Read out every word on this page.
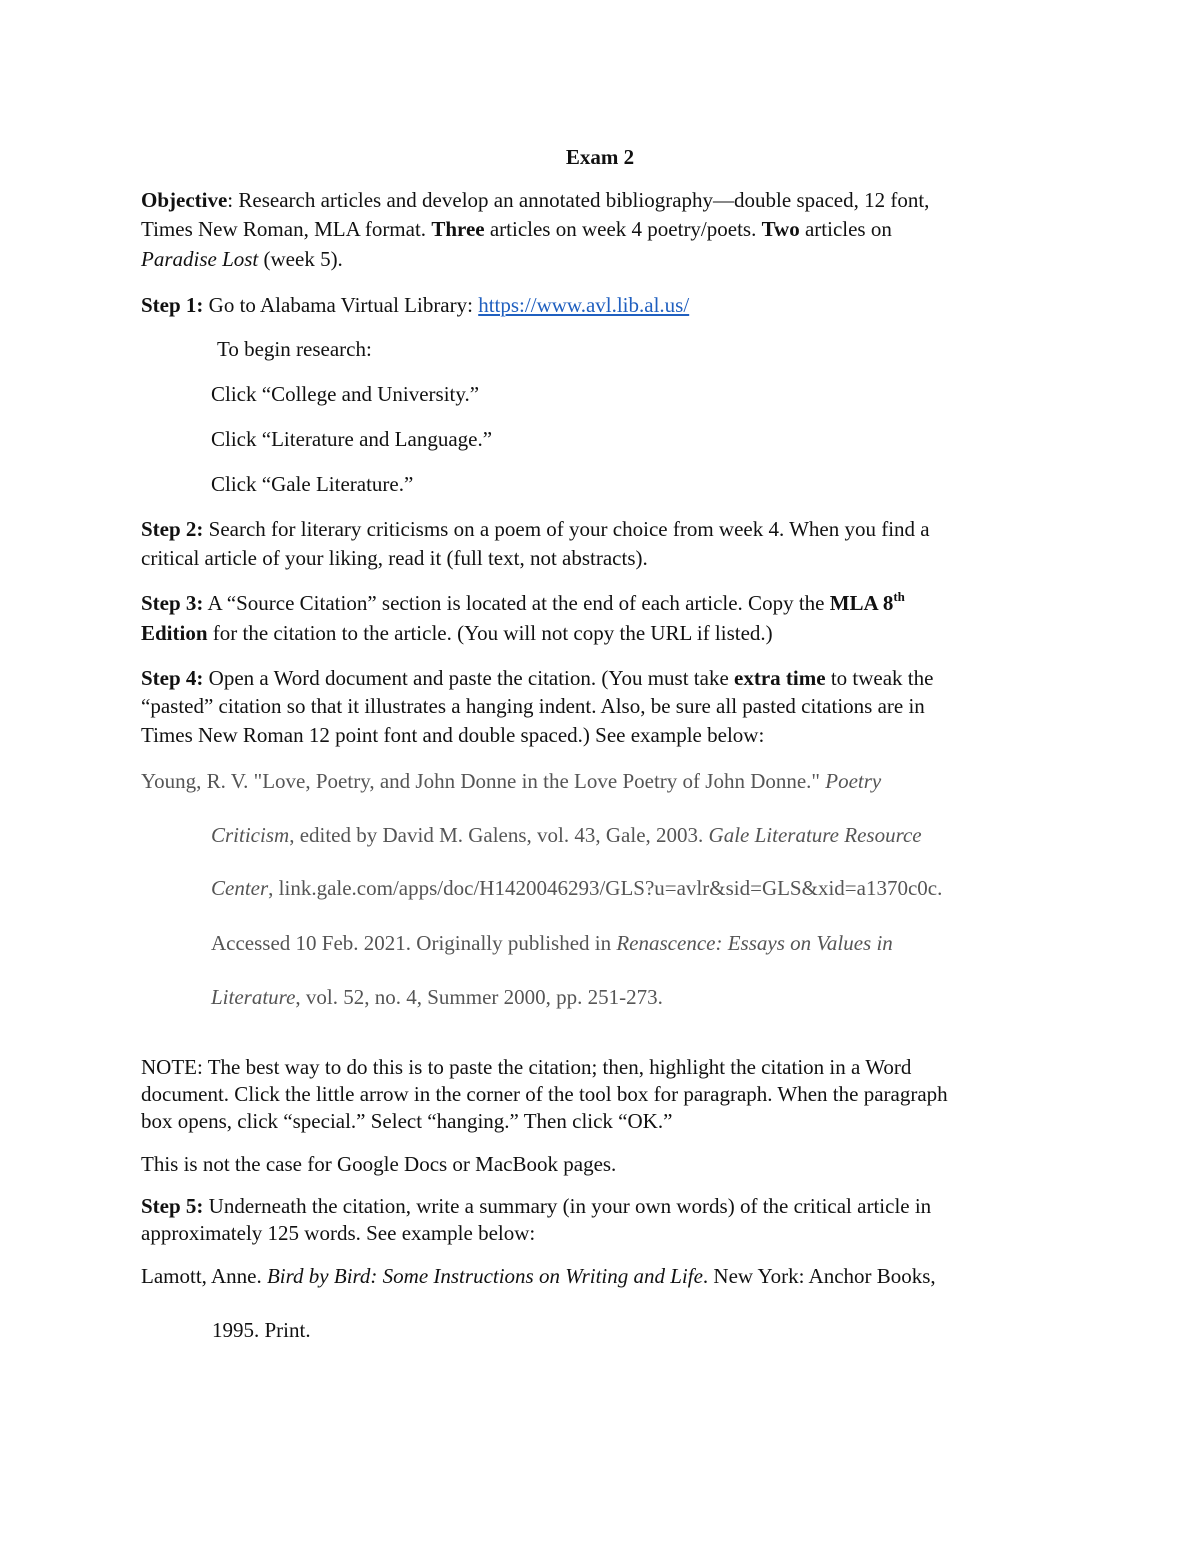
Exam 2
Objective: Research articles and develop an annotated bibliography—double spaced, 12 font,
Times New Roman, MLA format. Three articles on week 4 poetry/poets. Two articles on
Paradise Lost (week 5).
Step 1: Go to Alabama Virtual Library: https://www.avl.lib.al.us/
To begin research:
Click “College and University.”
Click “Literature and Language.”
Click “Gale Literature.”
Step 2: Search for literary criticisms on a poem of your choice from week 4. When you find a
critical article of your liking, read it (full text, not abstracts).
Step 3: A “Source Citation” section is located at the end of each article. Copy the MLA 8th
Edition for the citation to the article. (You will not copy the URL if listed.)
Step 4: Open a Word document and paste the citation. (You must take extra time to tweak the
“pasted” citation so that it illustrates a hanging indent. Also, be sure all pasted citations are in
Times New Roman 12 point font and double spaced.) See example below:
Young, R. V. "Love, Poetry, and John Donne in the Love Poetry of John Donne." Poetry
Criticism, edited by David M. Galens, vol. 43, Gale, 2003. Gale Literature Resource
Center, link.gale.com/apps/doc/H1420046293/GLS?u=avlr&sid=GLS&xid=a1370c0c.
Accessed 10 Feb. 2021. Originally published in Renascence: Essays on Values in
Literature, vol. 52, no. 4, Summer 2000, pp. 251-273.
NOTE: The best way to do this is to paste the citation; then, highlight the citation in a Word
document. Click the little arrow in the corner of the tool box for paragraph. When the paragraph
box opens, click “special.” Select “hanging.” Then click “OK.”
This is not the case for Google Docs or MacBook pages.
Step 5: Underneath the citation, write a summary (in your own words) of the critical article in
approximately 125 words. See example below:
Lamott, Anne. Bird by Bird: Some Instructions on Writing and Life. New York: Anchor Books,
1995. Print.
